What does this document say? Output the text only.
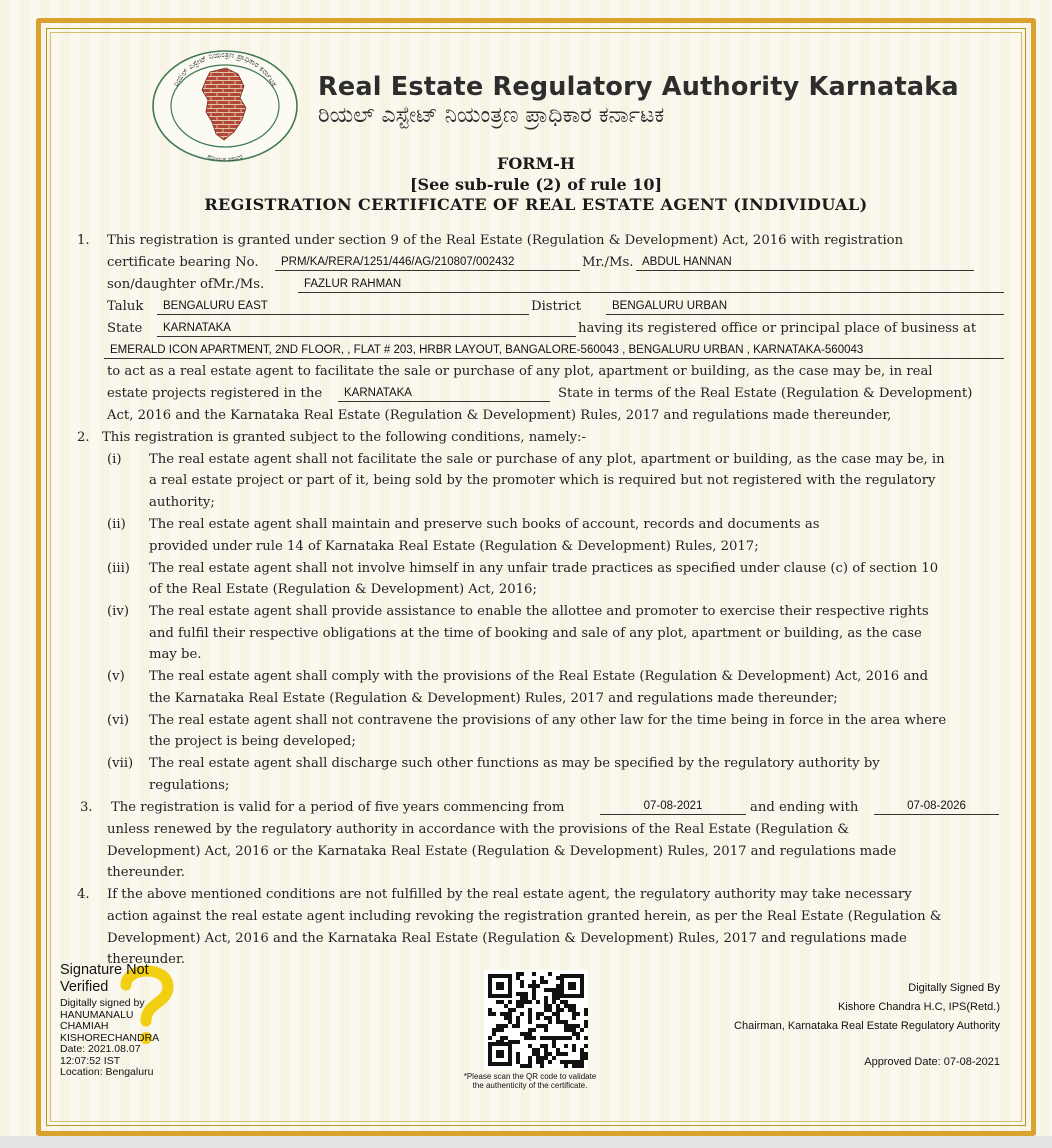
ರಿಯಲ್ ಎಸ್ಟೇಟ್ ನಿಯಂತ್ರಣ ಪ್ರಾಧಿಕಾರ ಕರ್ನಾಟಕ
ಕರ್ನಾಟಕ ಸರ್ಕಾರ
Real Estate Regulatory Authority Karnataka
ರಿಯಲ್ ಎಸ್ಟೇಟ್ ನಿಯಂತ್ರಣ ಪ್ರಾಧಿಕಾರ ಕರ್ನಾಟಕ
FORM-H
[See sub-rule (2) of rule 10]
REGISTRATION CERTIFICATE OF REAL ESTATE AGENT (INDIVIDUAL)
1. This registration is granted under section 9 of the Real Estate (Regulation & Development) Act, 2016 with registration
certificate bearing No.	PRM/KA/RERA/1251/446/AG/210807/002432	Mr./Ms. ABDUL HANNAN
son/daughter ofMr./Ms.	FAZLUR RAHMAN
Taluk	BENGALURU EAST	District	BENGALURU URBAN
State	KARNATAKA	having its registered office or principal place of business at
EMERALD ICON APARTMENT, 2ND FLOOR, , FLAT # 203, HRBR LAYOUT, BANGALORE-560043 , BENGALURU URBAN , KARNATAKA-560043
to act as a real estate agent to facilitate the sale or purchase of any plot, apartment or building, as the case may be, in real
estate projects registered in the	KARNATAKA	State in terms of the Real Estate (Regulation & Development)
Act, 2016 and the Karnataka Real Estate (Regulation & Development) Rules, 2017 and regulations made thereunder,
2. This registration is granted subject to the following conditions, namely:-
(i) The real estate agent shall not facilitate the sale or purchase of any plot, apartment or building, as the case may be, in
a real estate project or part of it, being sold by the promoter which is required but not registered with the regulatory
authority;
(ii) The real estate agent shall maintain and preserve such books of account, records and documents as
provided under rule 14 of Karnataka Real Estate (Regulation & Development) Rules, 2017;
(iii) The real estate agent shall not involve himself in any unfair trade practices as specified under clause (c) of section 10
of the Real Estate (Regulation & Development) Act, 2016;
(iv) The real estate agent shall provide assistance to enable the allottee and promoter to exercise their respective rights
and fulfil their respective obligations at the time of booking and sale of any plot, apartment or building, as the case
may be.
(v) The real estate agent shall comply with the provisions of the Real Estate (Regulation & Development) Act, 2016 and
the Karnataka Real Estate (Regulation & Development) Rules, 2017 and regulations made thereunder;
(vi) The real estate agent shall not contravene the provisions of any other law for the time being in force in the area where
the project is being developed;
(vii) The real estate agent shall discharge such other functions as may be specified by the regulatory authority by
regulations;
3. The registration is valid for a period of five years commencing from	07-08-2021	and ending with	07-08-2026
unless renewed by the regulatory authority in accordance with the provisions of the Real Estate (Regulation &
Development) Act, 2016 or the Karnataka Real Estate (Regulation & Development) Rules, 2017 and regulations made
thereunder.
4. If the above mentioned conditions are not fulfilled by the real estate agent, the regulatory authority may take necessary
action against the real estate agent including revoking the registration granted herein, as per the Real Estate (Regulation &
Development) Act, 2016 and the Karnataka Real Estate (Regulation & Development) Rules, 2017 and regulations made
thereunder.
Signature Not Verified
Digitally signed by
HANUMANALU
CHAMIAH
KISHORECHANDRA
Date: 2021.08.07
12:07:52 IST
Location: Bengaluru	*Please scan the QR code to validate
the authenticity of the certificate.
Digitally Signed By
Kishore Chandra H.C, IPS(Retd.)
Chairman, Karnataka Real Estate Regulatory Authority
Approved Date: 07-08-2021
